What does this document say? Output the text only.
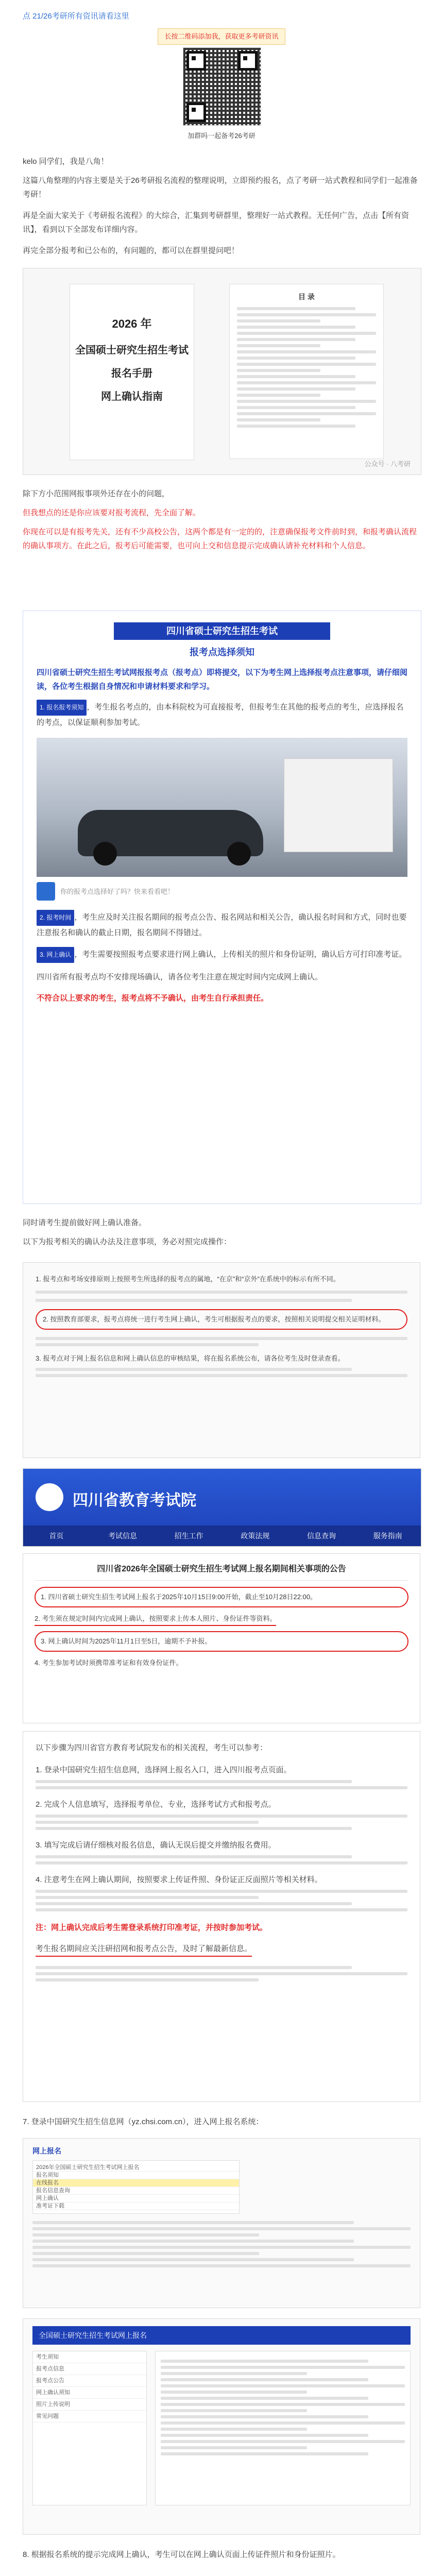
点 21/26考研所有资讯请看这里

长按二维码添加我，获取更多考研资讯

加群吗一起备考26考研

kelo 同学们，我是八角！

这篇八角整理的内容主要是关于26考研报名流程的整理说明，立即预约报名，点了考研一站式教程和同学们一起准备考研！

再是全面大家关于《考研报名流程》的大综合，汇集到考研群里，整理好一站式教程。无任何广告，点击【所有资讯】，看到以下全部发布详细内容。

再完全部分报考和已公布的，有问题的，都可以在群里提问吧！

2026 年

全国硕士研究生招生考试

报名手册

网上确认指南

目 录

公众号 · 八考研

除下方小范围网报事项外还存在小的问题，

但我想点的还是你应该要对报考流程，先全面了解。

你现在可以是有报考先关，还有不少高校公告，这两个都是有一定的的，注意确保报考文件前时到，和报考确认流程的确认事项方。在此之后，报考后可能需要，也可向上交和信息提示完成确认请补充材料和个人信息。

四川省硕士研究生招生考试

报考点选择须知

四川省硕士研究生招生考试网报报考点（报考点）即将提交，以下为考生网上选择报考点注意事项，请仔细阅读，各位考生根据自身情况和申请材料要求和学习。

1. 报名报考须知 ，考生报名考点的，由本科院校为可直接报考，但报考生在其他的报考点的考生，应选择报名的考点，以保证顺利参加考试。

你的报考点选择好了吗？快来看看吧！

2. 报考时间 ，考生应及时关注报名期间的报考点公告、报名网站和相关公告，确认报名时间和方式，同时也要注意报名和确认的截止日期，报名期间不得错过。

3. 网上确认 ，考生需要按照报考点要求进行网上确认，上传相关的照片和身份证明，确认后方可打印准考证。

四川省所有报考点均不安排现场确认，请各位考生注意在规定时间内完成网上确认。

不符合以上要求的考生，报考点将不予确认，由考生自行承担责任。

同时请考生提前做好网上确认准备。

以下为报考相关的确认办法及注意事项，务必对照完成操作：

1. 报考点和考场安排原则上按照考生所选择的报考点的属地，“在京”和“京外”在系统中的标示有所不同。

2. 按照教育部要求，报考点将统一进行考生网上确认，考生可根据报考点的要求，按照相关说明提交相关证明材料。

3. 报考点对于网上报名信息和网上确认信息的审核结果，将在报名系统公布，请各位考生及时登录查看。

四川省教育考试院

首页	考试信息	招生工作	政策法规	信息查询	服务指南

四川省2026年全国硕士研究生招生考试网上报名期间相关事项的公告

1. 四川省硕士研究生招生考试网上报名于2025年10月15日9:00开始，截止至10月28日22:00。

2. 考生须在规定时间内完成网上确认，按照要求上传本人照片、身份证件等资料。

3. 网上确认时间为2025年11月1日至5日，逾期不予补报。

4. 考生参加考试时须携带准考证和有效身份证件。

以下步骤为四川省官方教育考试院发布的相关流程，考生可以参考：

1. 登录中国研究生招生信息网，选择网上报名入口，进入四川报考点页面。

2. 完成个人信息填写，选择报考单位、专业，选择考试方式和报考点。

3. 填写完成后请仔细核对报名信息，确认无误后提交并缴纳报名费用。

4. 注意考生在网上确认期间，按照要求上传证件照、身份证正反面照片等相关材料。

注：网上确认完成后考生需登录系统打印准考证，并按时参加考试。

考生报名期间应关注研招网和报考点公告，及时了解最新信息。

7. 登录中国研究生招生信息网（yz.chsi.com.cn），进入网上报名系统：

网上报名

2026年全国硕士研究生招生考试网上报名
报名须知
在线报名
报名信息查询
网上确认
准考证下载
全国硕士研究生招生考试网上报名
考生须知
报考点信息
报考点公告
网上确认须知
照片上传说明
常见问题

8. 根据报名系统的提示完成网上确认，考生可以在网上确认页面上传证件照片和身份证照片。
